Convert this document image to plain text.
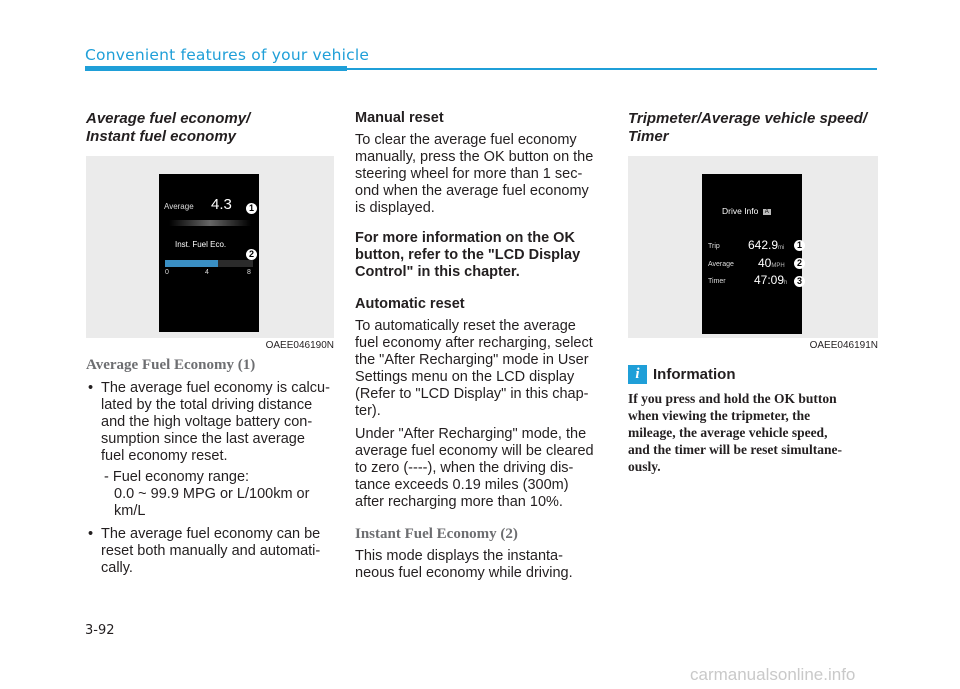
Convenient features of your vehicle

Average fuel economy/
Instant fuel economy

Average 4.3
Inst. Fuel Eco.
0	4	8
1
2
OAEE046190N

Average Fuel Economy (1)

• The average fuel economy is calcu-
lated by the total driving distance
and the high voltage battery con-
sumption since the last average
fuel economy reset.
- Fuel economy range:
0.0 ~ 99.9 MPG or L/100km or
km/L
• The average fuel economy can be
reset both manually and automati-
cally.

Manual reset

To clear the average fuel economy
manually, press the OK button on the
steering wheel for more than 1 sec-
ond when the average fuel economy
is displayed.

For more information on the OK
button, refer to the "LCD Display
Control" in this chapter.

Automatic reset

To automatically reset the average
fuel economy after recharging, select
the "After Recharging" mode in User
Settings menu on the LCD display
(Refer to "LCD Display" in this chap-
ter).

Under "After Recharging" mode, the
average fuel economy will be cleared
to zero (----), when the driving dis-
tance exceeds 0.19 miles (300m)
after recharging more than 10%.

Instant Fuel Economy (2)

This mode displays the instanta-
neous fuel economy while driving.

Tripmeter/Average vehicle speed/
Timer

Drive Info A
Trip 642.9mi
Average 40MPH
Timer 47:09h
1
2
3
OAEE046191N
i Information

If you press and hold the OK button
when viewing the tripmeter, the
mileage, the average vehicle speed,
and the timer will be reset simultane-
ously.

3-92
carmanualsonline.info
